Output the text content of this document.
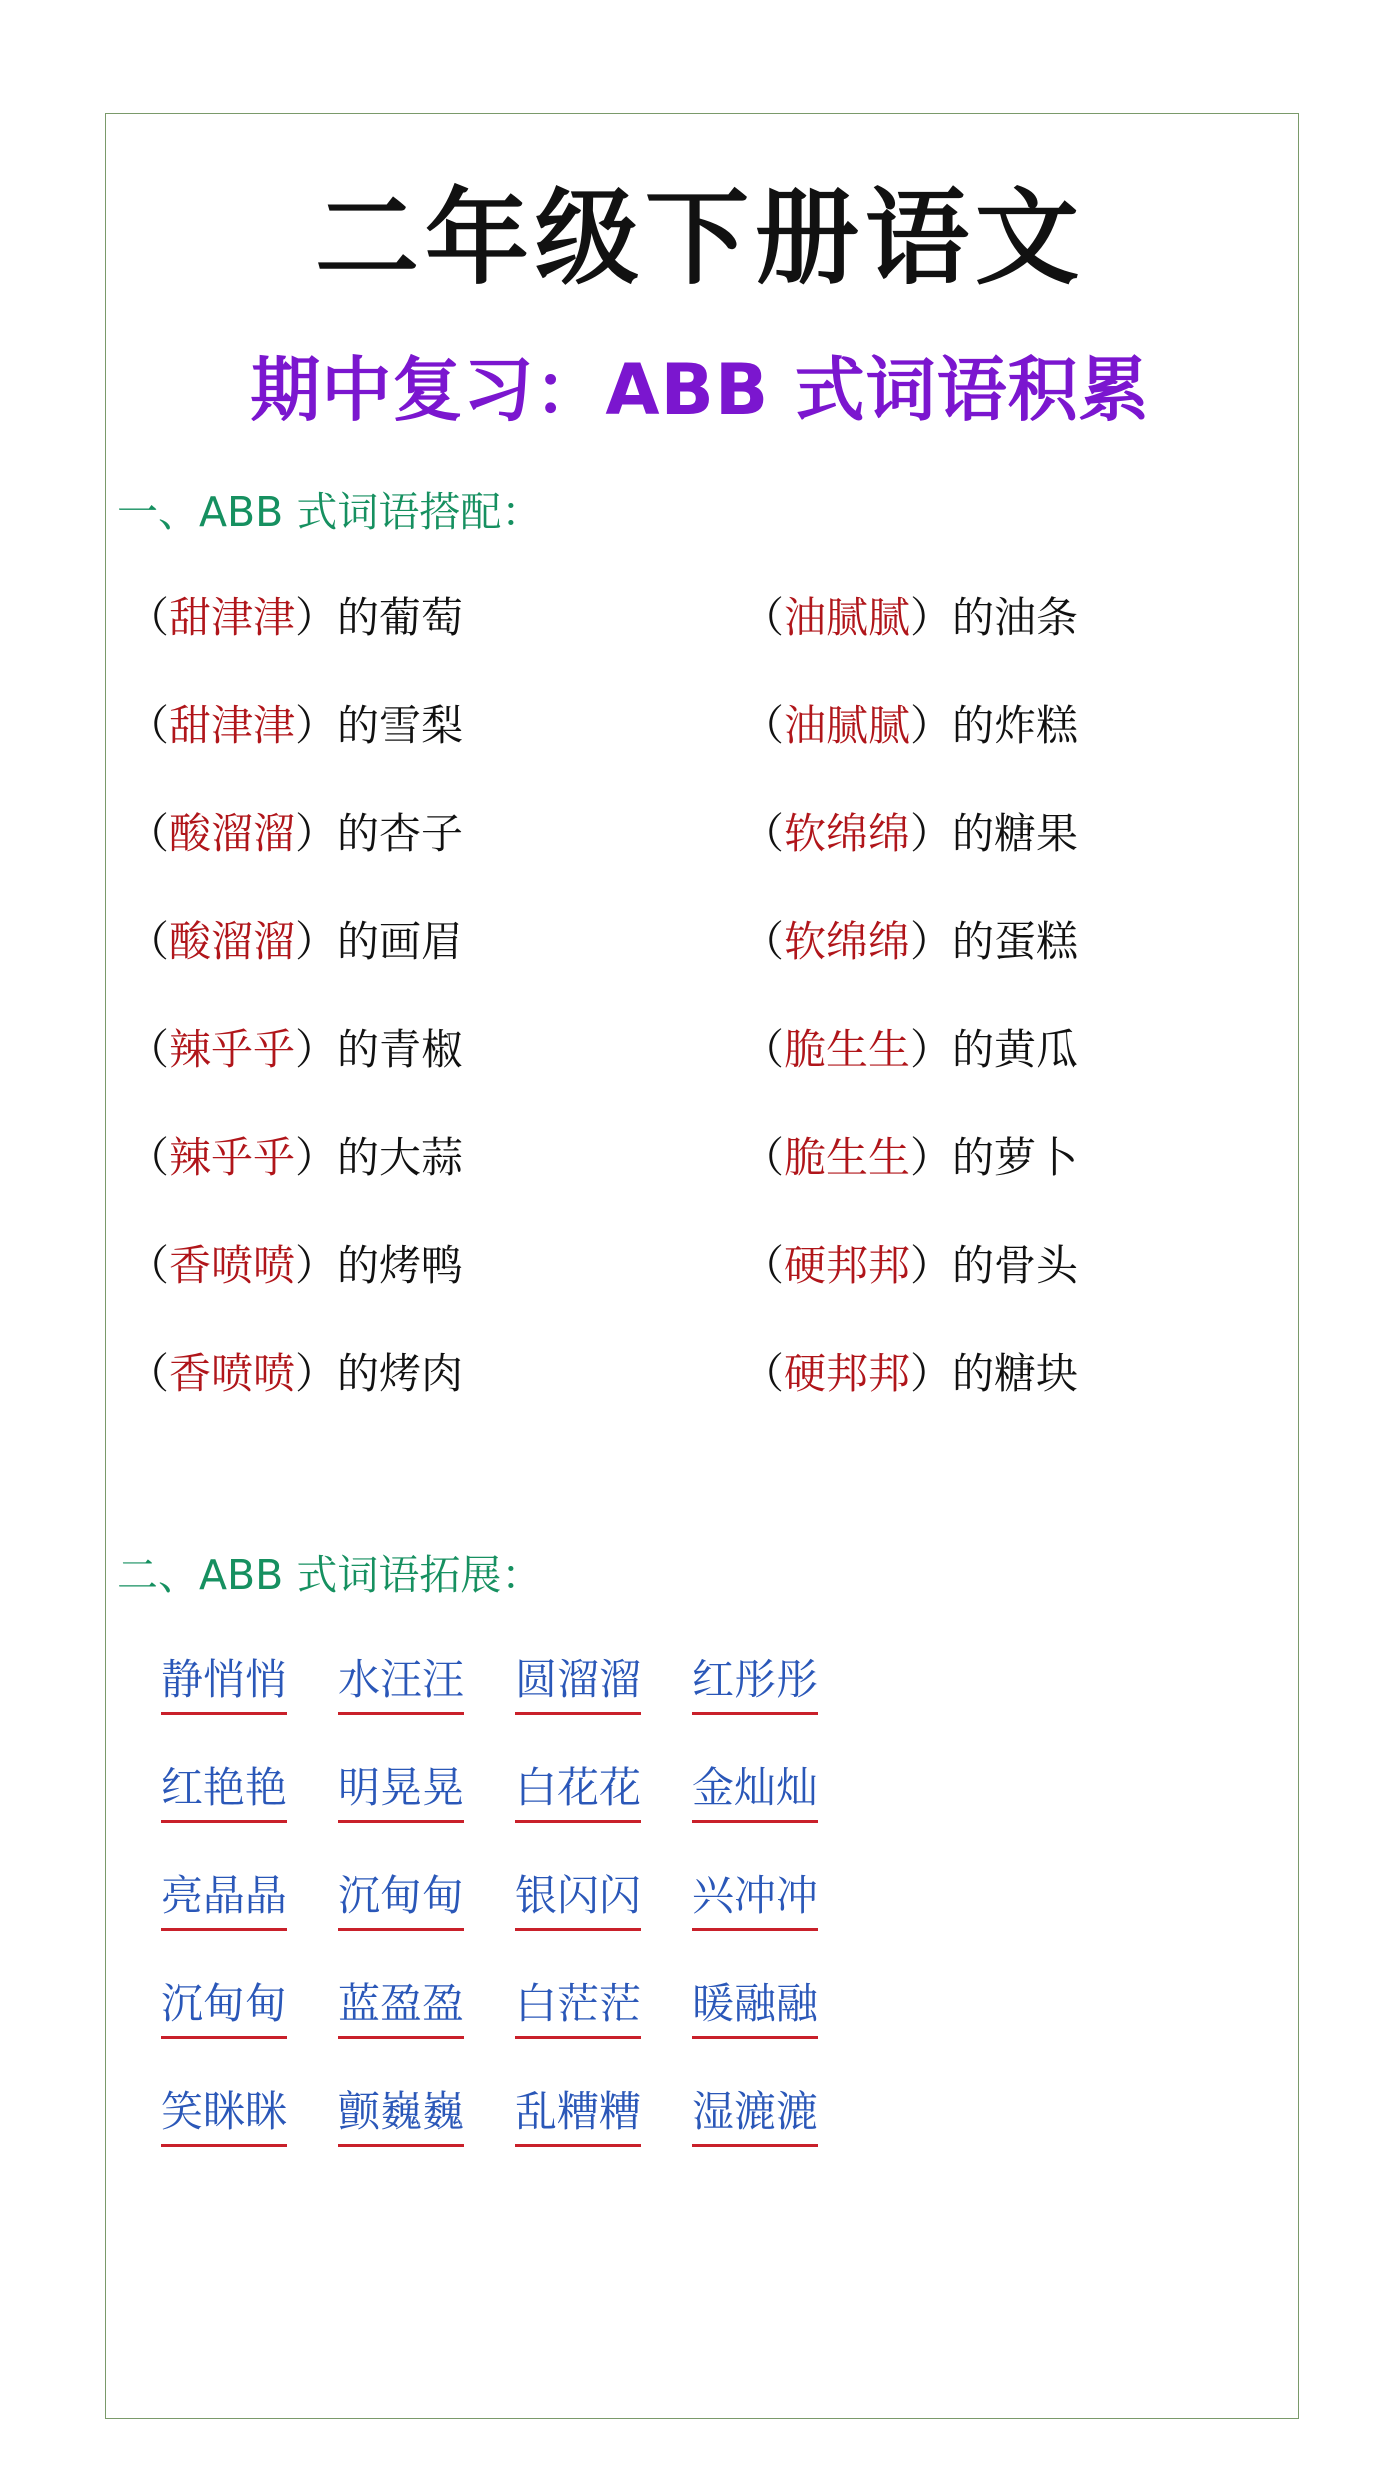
二年级下册语文
期中复习：ABB 式词语积累
一、ABB 式词语搭配：
（甜津津）的葡萄	（油腻腻）的油条
（甜津津）的雪梨	（油腻腻）的炸糕
（酸溜溜）的杏子	（软绵绵）的糖果
（酸溜溜）的画眉	（软绵绵）的蛋糕
（辣乎乎）的青椒	（脆生生）的黄瓜
（辣乎乎）的大蒜	（脆生生）的萝卜
（香喷喷）的烤鸭	（硬邦邦）的骨头
（香喷喷）的烤肉	（硬邦邦）的糖块
二、ABB 式词语拓展：
静悄悄 水汪汪 圆溜溜 红彤彤
红艳艳 明晃晃 白花花 金灿灿
亮晶晶 沉甸甸 银闪闪 兴冲冲
沉甸甸 蓝盈盈 白茫茫 暖融融
笑眯眯 颤巍巍 乱糟糟 湿漉漉
